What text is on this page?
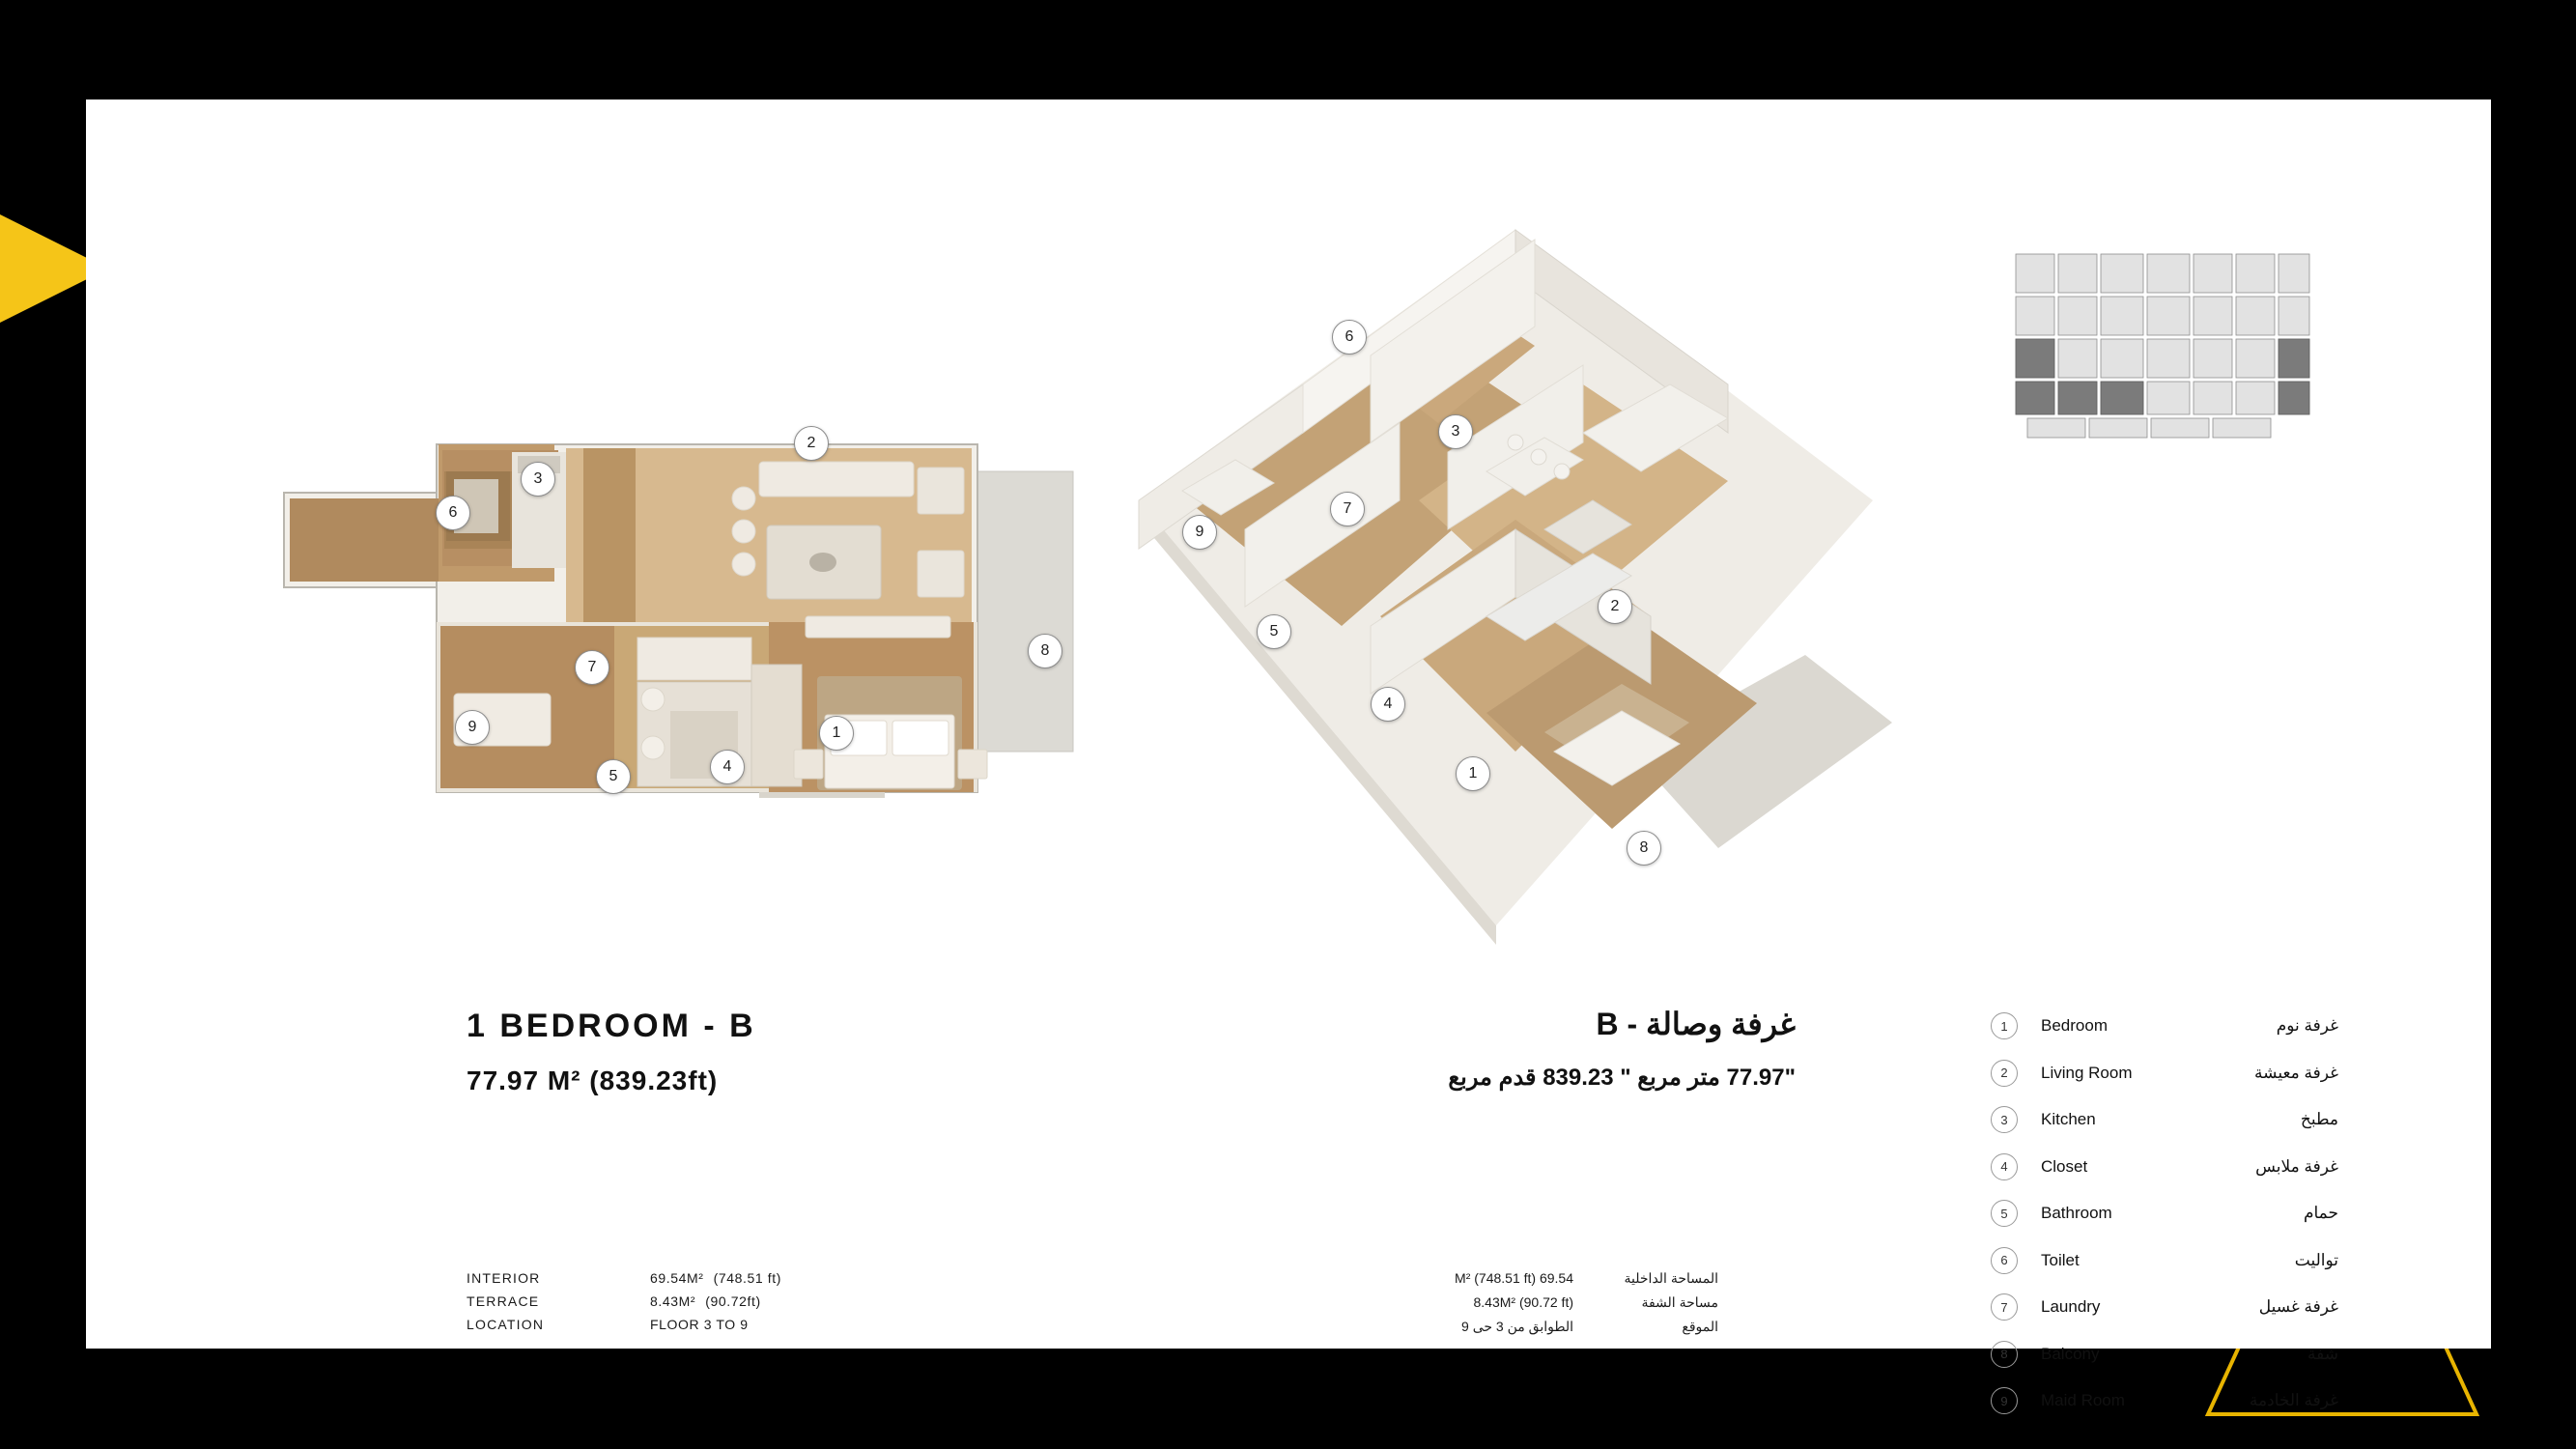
1
2
3
4
5
6
7
8
9
1
2
3
4
5
6
7
9
8
1 BEDROOM - B
77.97 M² (839.23ft)
غرفة وصالة - B
"77.97 متر مربع " 839.23 قدم مربع
INTERIOR	69.54M² (748.51 ft)
TERRACE	8.43M² (90.72ft)
LOCATION	FLOOR 3 TO 9
المساحة الداخلية	69.54 M² (748.51 ft)
مساحة الشفة	8.43M² (90.72 ft)
الموقع	الطوابق من 3 حى 9
1	Bedroom	غرفة نوم
2	Living Room	غرفة معيشة
3	Kitchen	مطبخ
4	Closet	غرفة ملابس
5	Bathroom	حمام
6	Toilet	تواليت
7	Laundry	غرفة غسيل
8	Balcony	شفة
9	Maid Room	غرفة الخادمة
